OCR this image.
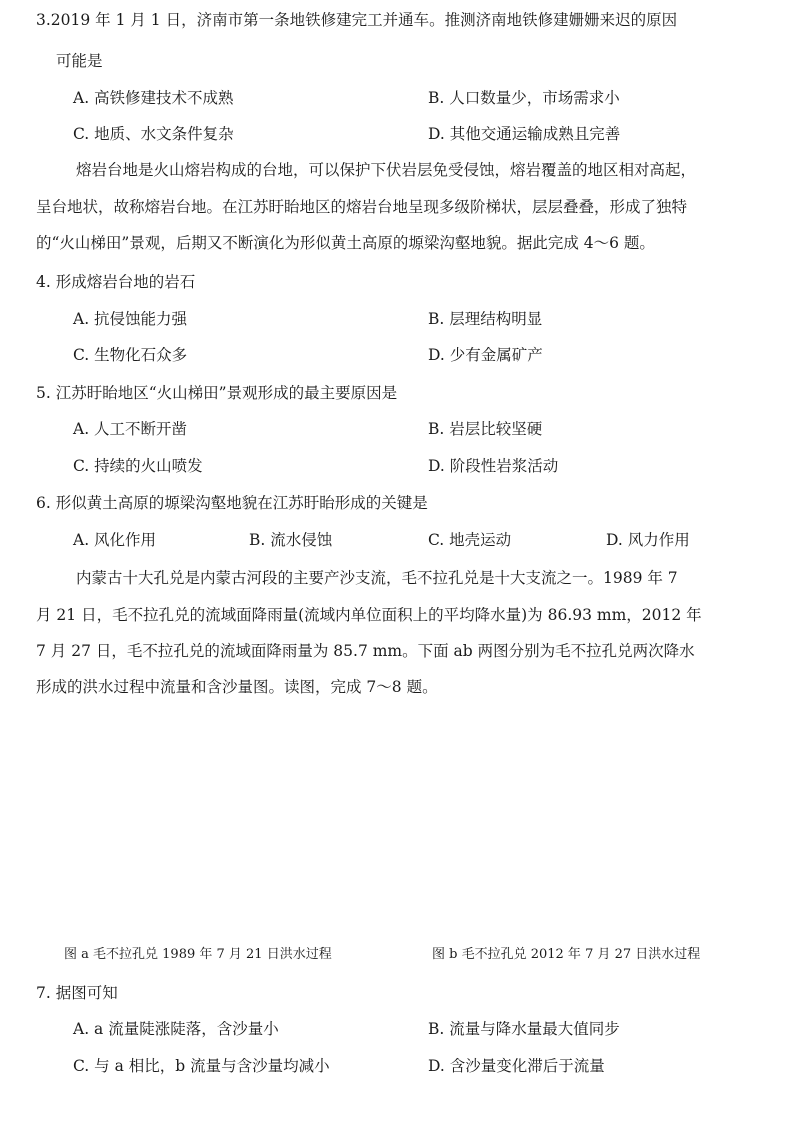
3.2019 年 1 月 1 日，济南市第一条地铁修建完工并通车。推测济南地铁修建姗姗来迟的原因
可能是
A. 高铁修建技术不成熟	B. 人口数量少，市场需求小
C. 地质、水文条件复杂	D. 其他交通运输成熟且完善
熔岩台地是火山熔岩构成的台地，可以保护下伏岩层免受侵蚀，熔岩覆盖的地区相对高起，
呈台地状，故称熔岩台地。在江苏盱眙地区的熔岩台地呈现多级阶梯状，层层叠叠，形成了独特
的“火山梯田”景观，后期又不断演化为形似黄土高原的塬梁沟壑地貌。据此完成 4～6 题。
4. 形成熔岩台地的岩石
A. 抗侵蚀能力强	B. 层理结构明显
C. 生物化石众多	D. 少有金属矿产
5. 江苏盱眙地区“火山梯田”景观形成的最主要原因是
A. 人工不断开凿	B. 岩层比较坚硬
C. 持续的火山喷发	D. 阶段性岩浆活动
6. 形似黄土高原的塬梁沟壑地貌在江苏盱眙形成的关键是
A. 风化作用	B. 流水侵蚀	C. 地壳运动	D. 风力作用
内蒙古十大孔兑是内蒙古河段的主要产沙支流，毛不拉孔兑是十大支流之一。1989 年 7
月 21 日，毛不拉孔兑的流域面降雨量(流域内单位面积上的平均降水量)为 86.93 mm，2012 年
7 月 27 日，毛不拉孔兑的流域面降雨量为 85.7 mm。下面 ab 两图分别为毛不拉孔兑两次降水
形成的洪水过程中流量和含沙量图。读图，完成 7～8 题。
图 a 毛不拉孔兑 1989 年 7 月 21 日洪水过程	图 b 毛不拉孔兑 2012 年 7 月 27 日洪水过程
7. 据图可知
A. a 流量陡涨陡落，含沙量小	B. 流量与降水量最大值同步
C. 与 a 相比，b 流量与含沙量均减小	D. 含沙量变化滞后于流量
